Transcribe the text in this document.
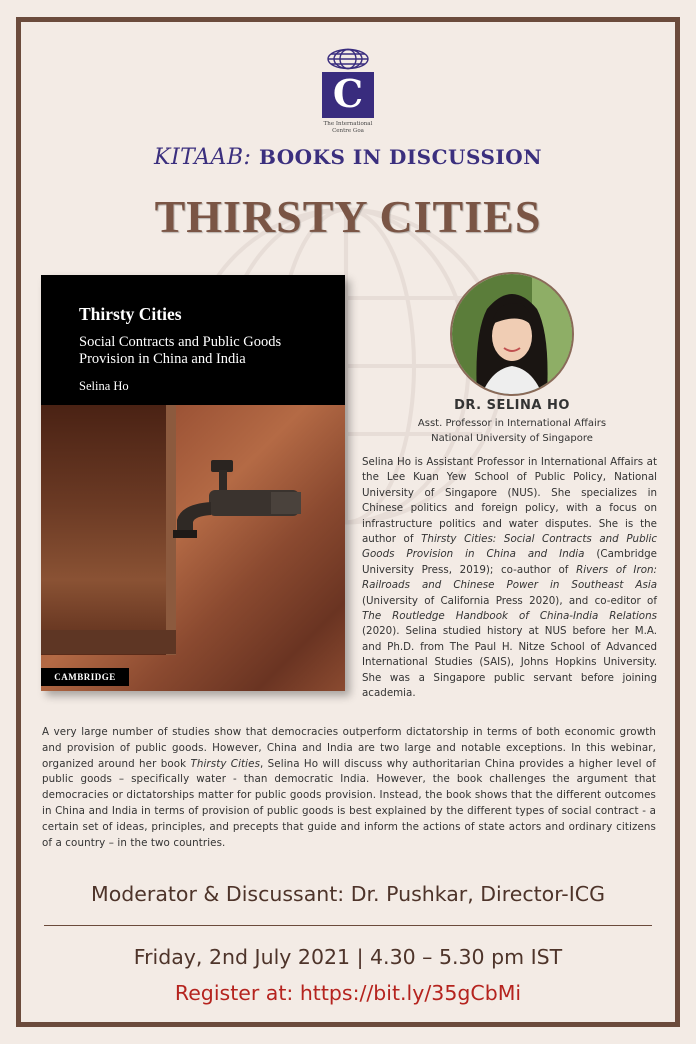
C
The International
Centre Goa
KITAAB: BOOKS IN DISCUSSION
THIRSTY CITIES
Thirsty Cities
Social Contracts and Public Goods Provision in China and India
Selina Ho
CAMBRIDGE
DR. SELINA HO
Asst. Professor in International Affairs
National University of Singapore
Selina Ho is Assistant Professor in International Affairs at the Lee Kuan Yew School of Public Policy, National University of Singapore (NUS). She specializes in Chinese politics and foreign policy, with a focus on infrastructure politics and water disputes. She is the author of Thirsty Cities: Social Contracts and Public Goods Provision in China and India (Cambridge University Press, 2019); co-author of Rivers of Iron: Railroads and Chinese Power in Southeast Asia (University of California Press 2020), and co-editor of The Routledge Handbook of China-India Relations (2020). Selina studied history at NUS before her M.A. and Ph.D. from The Paul H. Nitze School of Advanced International Studies (SAIS), Johns Hopkins University. She was a Singapore public servant before joining academia.
A very large number of studies show that democracies outperform dictatorship in terms of both economic growth and provision of public goods. However, China and India are two large and notable exceptions. In this webinar, organized around her book Thirsty Cities, Selina Ho will discuss why authoritarian China provides a higher level of public goods – specifically water - than democratic India. However, the book challenges the argument that democracies or dictatorships matter for public goods provision. Instead, the book shows that the different outcomes in China and India in terms of provision of public goods is best explained by the different types of social contract - a certain set of ideas, principles, and precepts that guide and inform the actions of state actors and ordinary citizens of a country – in the two countries.
Moderator & Discussant: Dr. Pushkar, Director-ICG
Friday, 2nd July 2021 | 4.30 – 5.30 pm IST
Register at: https://bit.ly/35gCbMi
